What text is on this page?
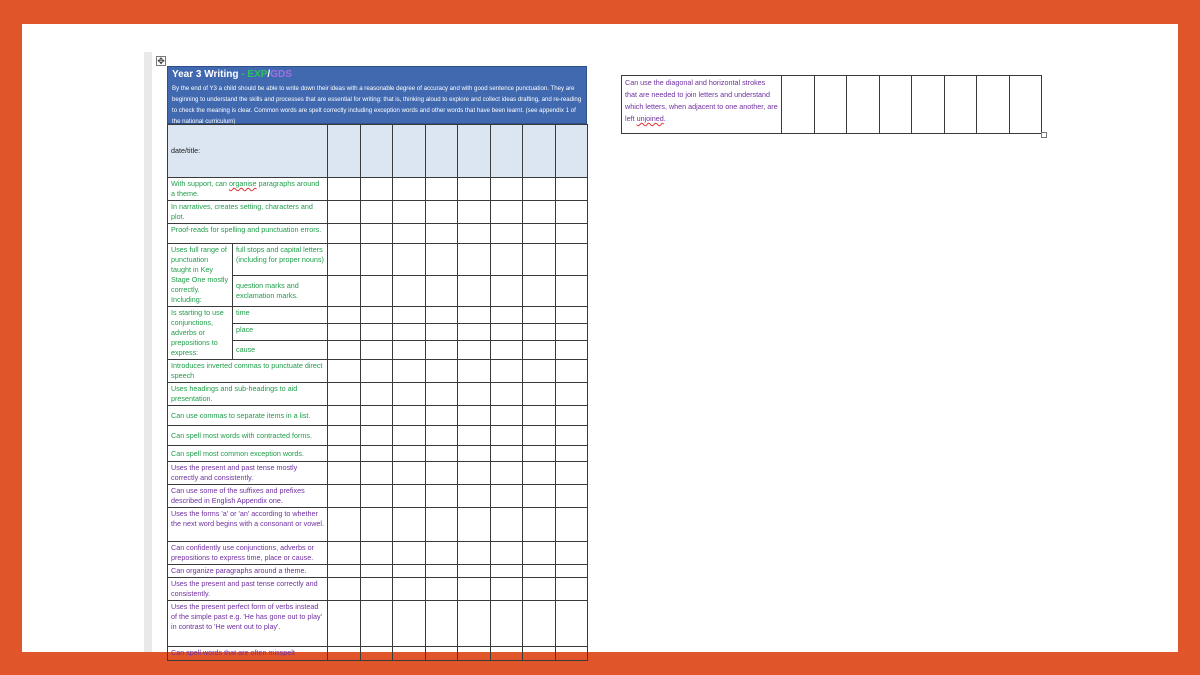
✥
Year 3 Writing - EXP/GDS
By the end of Y3 a child should be able to write down their ideas with a reasonable degree of accuracy and with good sentence punctuation. They are beginning to understand the skills and processes that are essential for writing: that is, thinking aloud to explore and collect ideas drafting, and re-reading to check the meaning is clear. Common words are spelt correctly including exception words and other words that have been learnt. (see appendix 1 of the national curriculum)
date/title:									
With support, can organise paragraphs around a theme.									
In narratives, creates setting, characters and plot.									
Proof-reads for spelling and punctuation errors.									
Uses full range of punctuation taught in Key Stage One mostly correctly. Including:	full stops and capital letters (including for proper nouns)								
	question marks and exclamation marks.								
Is starting to use conjunctions, adverbs or prepositions to express:	time								
	place								
	cause								
Introduces inverted commas to punctuate direct speech									
Uses headings and sub-headings to aid presentation.									
Can use commas to separate items in a list.									
Can spell most words with contracted forms.									
Can spell most common exception words.									
Uses the present and past tense mostly correctly and consistently.									
Can use some of the suffixes and prefixes described in English Appendix one.									
Uses the forms 'a' or 'an' according to whether the next word begins with a consonant or vowel.									
Can confidently use conjunctions, adverbs or prepositions to express time, place or cause.									
Can organize paragraphs around a theme.									
Uses the present and past tense correctly and consistently.									
Uses the present perfect form of verbs instead of the simple past e.g. 'He has gone out to play' in contrast to 'He went out to play'.									
Can spell words that are often misspelt									
Can use the diagonal and horizontal strokes that are needed to join letters and understand which letters, when adjacent to one another, are left unjoined.								
